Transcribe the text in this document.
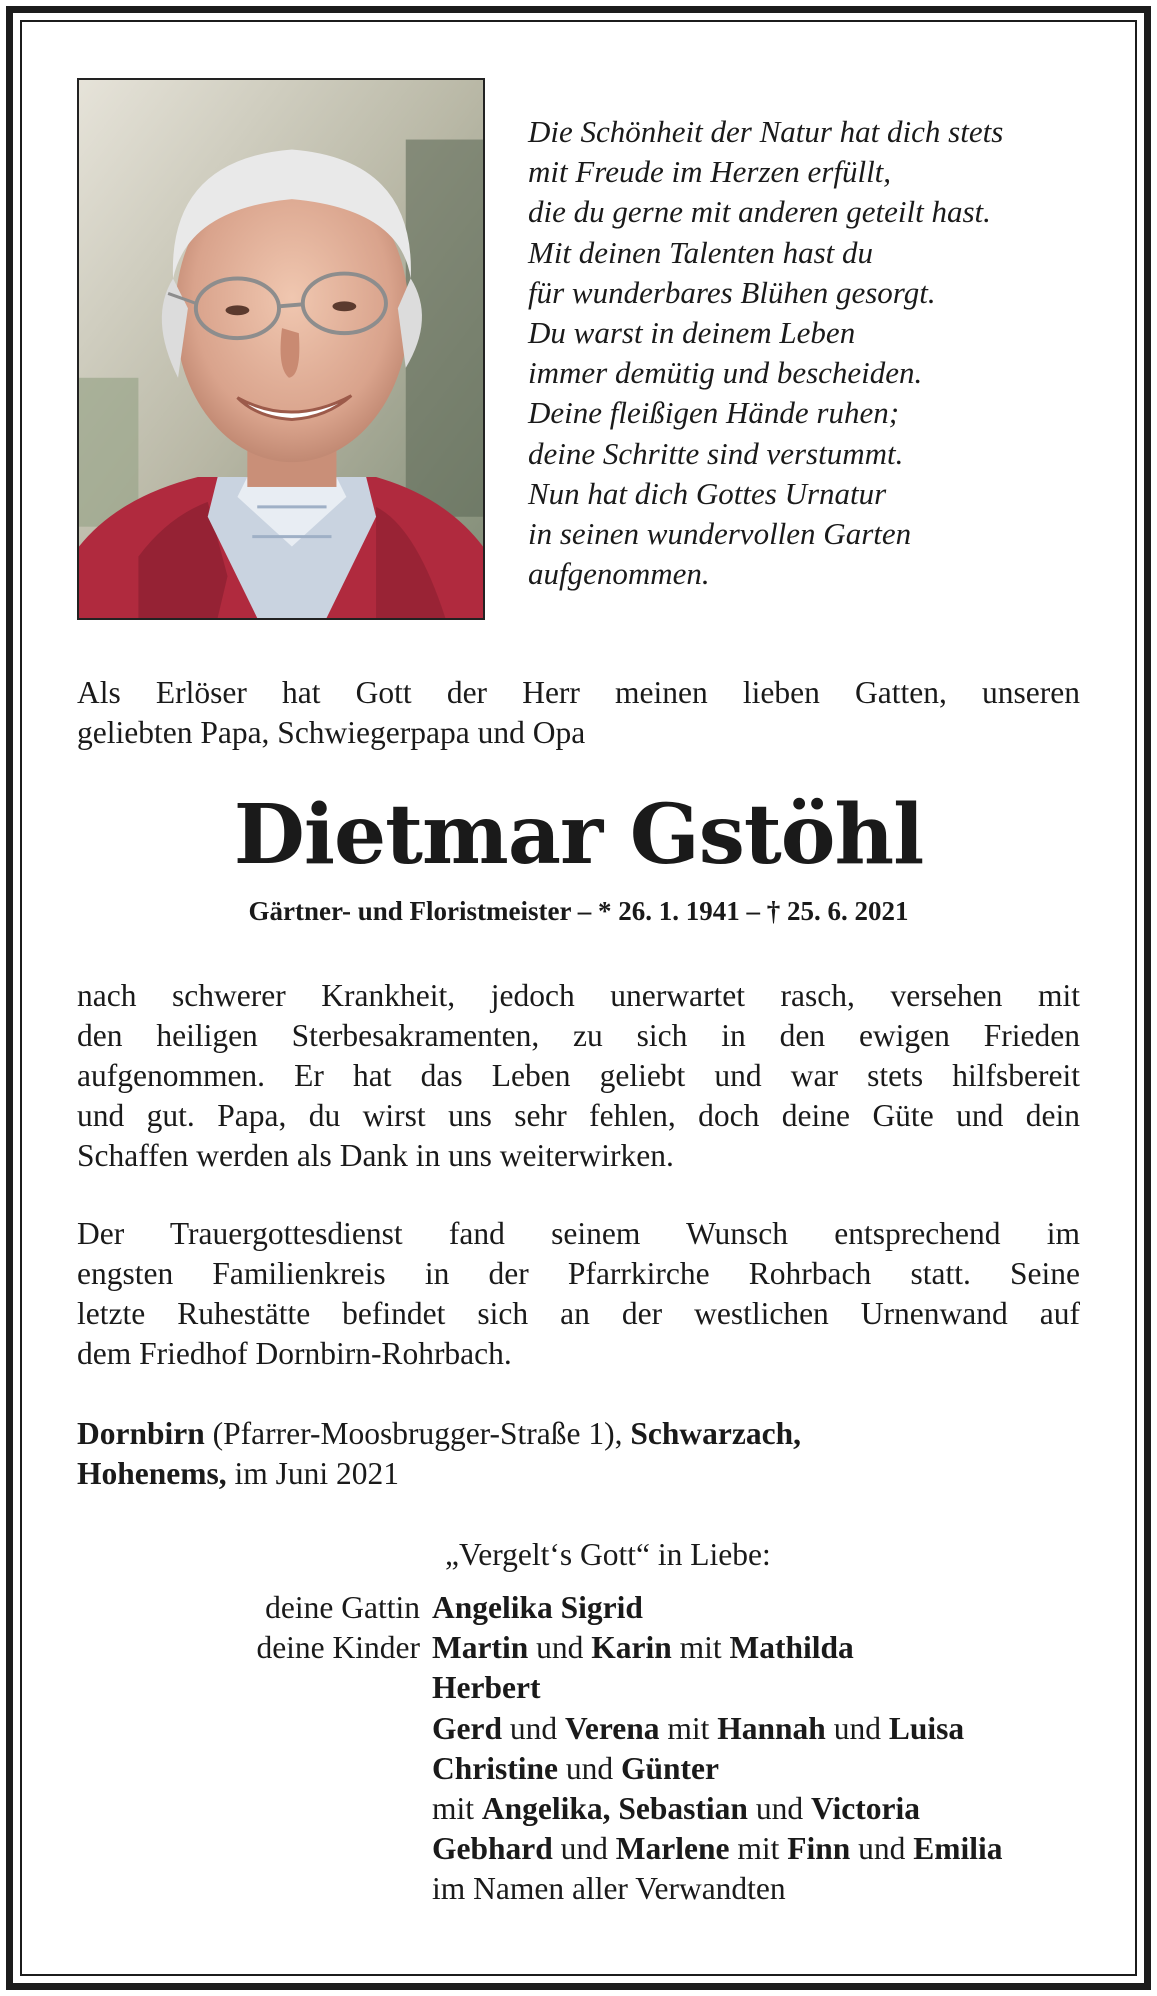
Die Schönheit der Natur hat dich stets
mit Freude im Herzen erfüllt,
die du gerne mit anderen geteilt hast.
Mit deinen Talenten hast du
für wunderbares Blühen gesorgt.
Du warst in deinem Leben
immer demütig und bescheiden.
Deine fleißigen Hände ruhen;
deine Schritte sind verstummt.
Nun hat dich Gottes Urnatur
in seinen wundervollen Garten
aufgenommen.
Als Erlöser hat Gott der Herr meinen lieben Gatten, unseren
geliebten Papa, Schwiegerpapa und Opa
Dietmar Gstöhl

Gärtner- und Floristmeister – * 26. 1. 1941 – † 25. 6. 2021

nach schwerer Krankheit, jedoch unerwartet rasch, versehen mit
den heiligen Sterbesakramenten, zu sich in den ewigen Frieden
aufgenommen. Er hat das Leben geliebt und war stets hilfsbereit
und gut. Papa, du wirst uns sehr fehlen, doch deine Güte und dein
Schaffen werden als Dank in uns weiterwirken.
Der Trauergottesdienst fand seinem Wunsch entsprechend im
engsten Familienkreis in der Pfarrkirche Rohrbach statt. Seine
letzte Ruhestätte befindet sich an der westlichen Urnenwand auf
dem Friedhof Dornbirn-Rohrbach.

Dornbirn (Pfarrer-Moosbrugger-Straße 1), Schwarzach,
Hohenems, im Juni 2021

„Vergelt‘s Gott“ in Liebe:

deine Gattin Angelika Sigrid
deine Kinder Martin und Karin mit Mathilda
Herbert
Gerd und Verena mit Hannah und Luisa
Christine und Günter
mit Angelika, Sebastian und Victoria
Gebhard und Marlene mit Finn und Emilia
im Namen aller Verwandten
